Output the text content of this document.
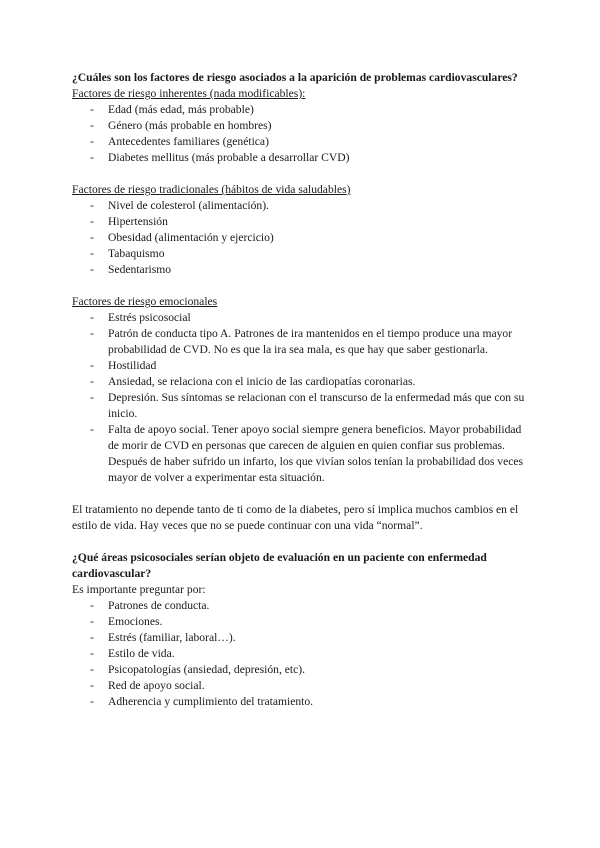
¿Cuáles son los factores de riesgo asociados a la aparición de problemas cardiovasculares?

Factores de riesgo inherentes (nada modificables):

- Edad (más edad, más probable)
- Género (más probable en hombres)
- Antecedentes familiares (genética)
- Diabetes mellitus (más probable a desarrollar CVD)

Factores de riesgo tradicionales (hábitos de vida saludables)

- Nivel de colesterol (alimentación).
- Hipertensión
- Obesidad (alimentación y ejercicio)
- Tabaquismo
- Sedentarismo

Factores de riesgo emocionales

- Estrés psicosocial
- Patrón de conducta tipo A. Patrones de ira mantenidos en el tiempo produce una mayor probabilidad de CVD. No es que la ira sea mala, es que hay que saber gestionarla.
- Hostilidad
- Ansiedad, se relaciona con el inicio de las cardiopatías coronarias.
- Depresión. Sus síntomas se relacionan con el transcurso de la enfermedad más que con su inicio.
- Falta de apoyo social. Tener apoyo social siempre genera beneficios. Mayor probabilidad de morir de CVD en personas que carecen de alguien en quien confiar sus problemas. Después de haber sufrido un infarto, los que vivían solos tenían la probabilidad dos veces mayor de volver a experimentar esta situación.

El tratamiento no depende tanto de ti como de la diabetes, pero sí implica muchos cambios en el estilo de vida. Hay veces que no se puede continuar con una vida “normal”.

¿Qué áreas psicosociales serían objeto de evaluación en un paciente con enfermedad cardiovascular?

Es importante preguntar por:

- Patrones de conducta.
- Emociones.
- Estrés (familiar, laboral…).
- Estilo de vida.
- Psicopatologías (ansiedad, depresión, etc).
- Red de apoyo social.
- Adherencia y cumplimiento del tratamiento.
